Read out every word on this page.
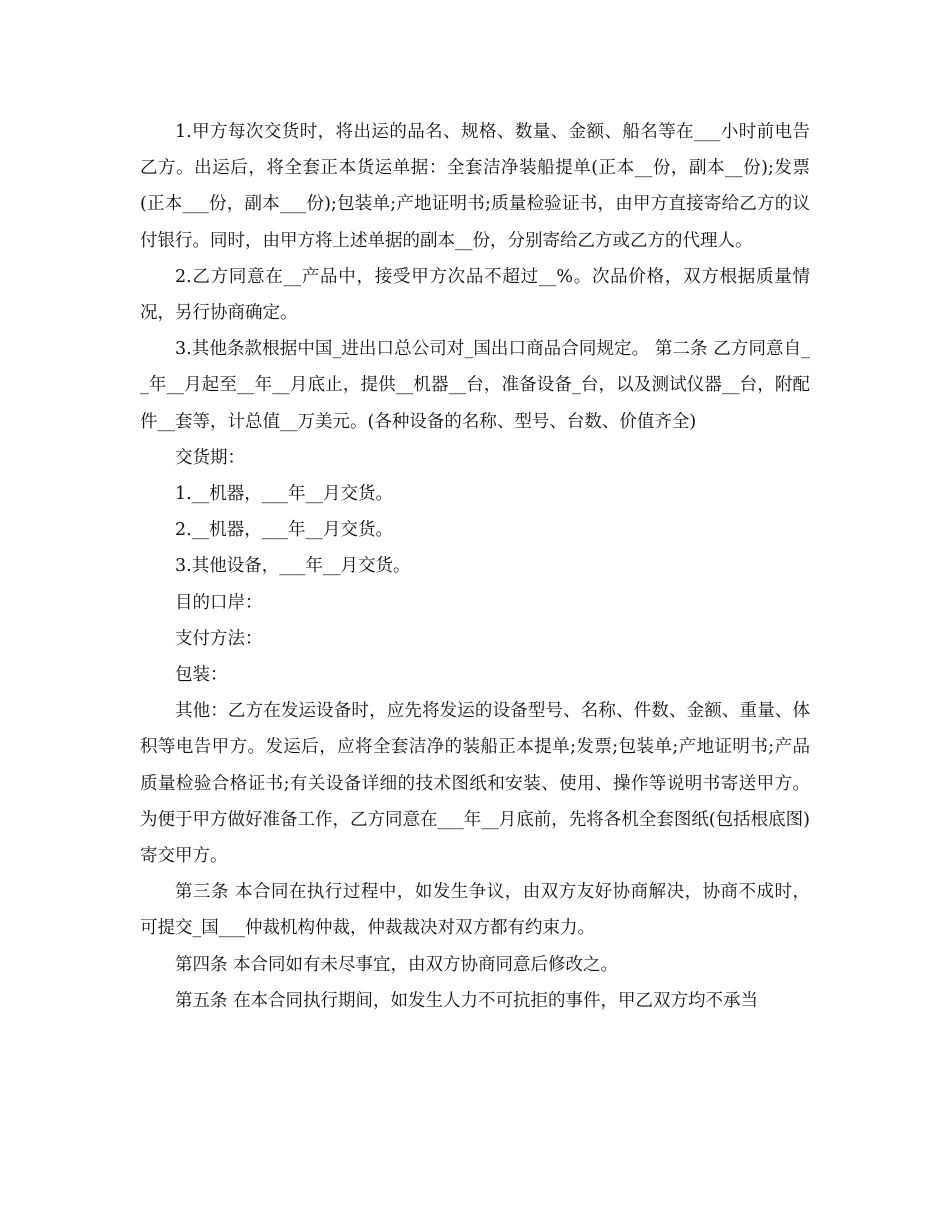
1.甲方每次交货时，将出运的品名、规格、数量、金额、船名等在___小时前电告乙方。出运后，将全套正本货运单据：全套洁净装船提单(正本__份，副本__份);发票(正本___份，副本___份);包装单;产地证明书;质量检验证书，由甲方直接寄给乙方的议付银行。同时，由甲方将上述单据的副本__份，分别寄给乙方或乙方的代理人。

2.乙方同意在__产品中，接受甲方次品不超过__%。次品价格，双方根据质量情况，另行协商确定。

3.其他条款根据中国_进出口总公司对_国出口商品合同规定。 第二条 乙方同意自__年__月起至__年__月底止，提供__机器__台，准备设备_台，以及测试仪器__台，附配件__套等，计总值__万美元。(各种设备的名称、型号、台数、价值齐全)

交货期：

1.__机器，___年__月交货。

2.__机器，___年__月交货。

3.其他设备，___年__月交货。

目的口岸：

支付方法：

包装：

其他：乙方在发运设备时，应先将发运的设备型号、名称、件数、金额、重量、体积等电告甲方。发运后，应将全套洁净的装船正本提单;发票;包装单;产地证明书;产品质量检验合格证书;有关设备详细的技术图纸和安装、使用、操作等说明书寄送甲方。为便于甲方做好准备工作，乙方同意在___年__月底前，先将各机全套图纸(包括根底图)寄交甲方。

第三条 本合同在执行过程中，如发生争议，由双方友好协商解决，协商不成时，可提交_国___仲裁机构仲裁，仲裁裁决对双方都有约束力。

第四条 本合同如有未尽事宜，由双方协商同意后修改之。

第五条 在本合同执行期间，如发生人力不可抗拒的事件，甲乙双方均不承当
